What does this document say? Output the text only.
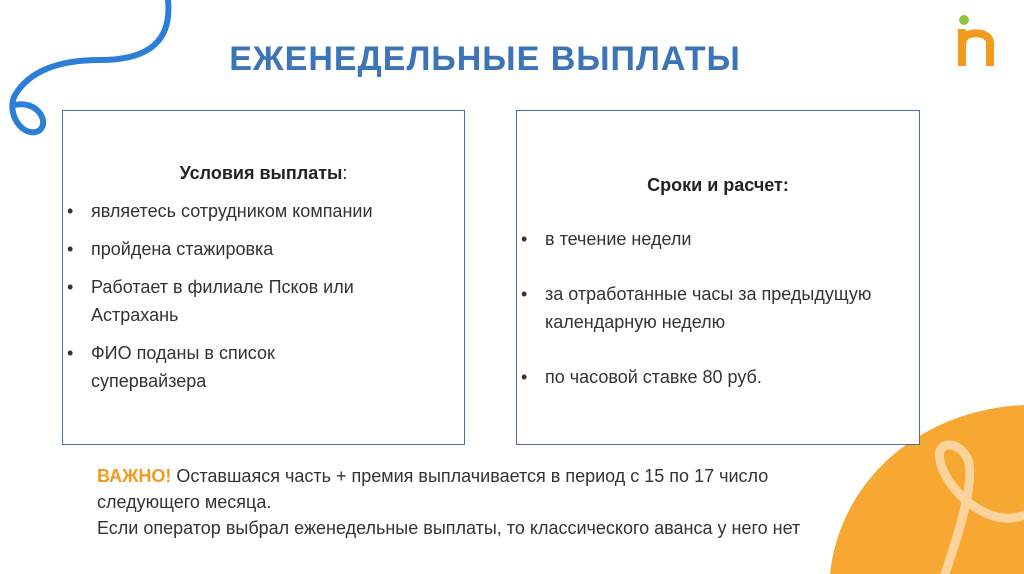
ЕЖЕНЕДЕЛЬНЫЕ ВЫПЛАТЫ
Условия выплаты:
• являетесь сотрудником компании
• пройдена стажировка
• Работает в филиале Псков или Астрахань
• ФИО поданы в список супервайзера
Сроки и расчет:
• в течение недели
• за отработанные часы за предыдущую календарную неделю
• по часовой ставке 80 руб.
ВАЖНО! Оставшаяся часть + премия выплачивается в период с 15 по 17 число следующего месяца.
Если оператор выбрал еженедельные выплаты, то классического аванса у него нет
